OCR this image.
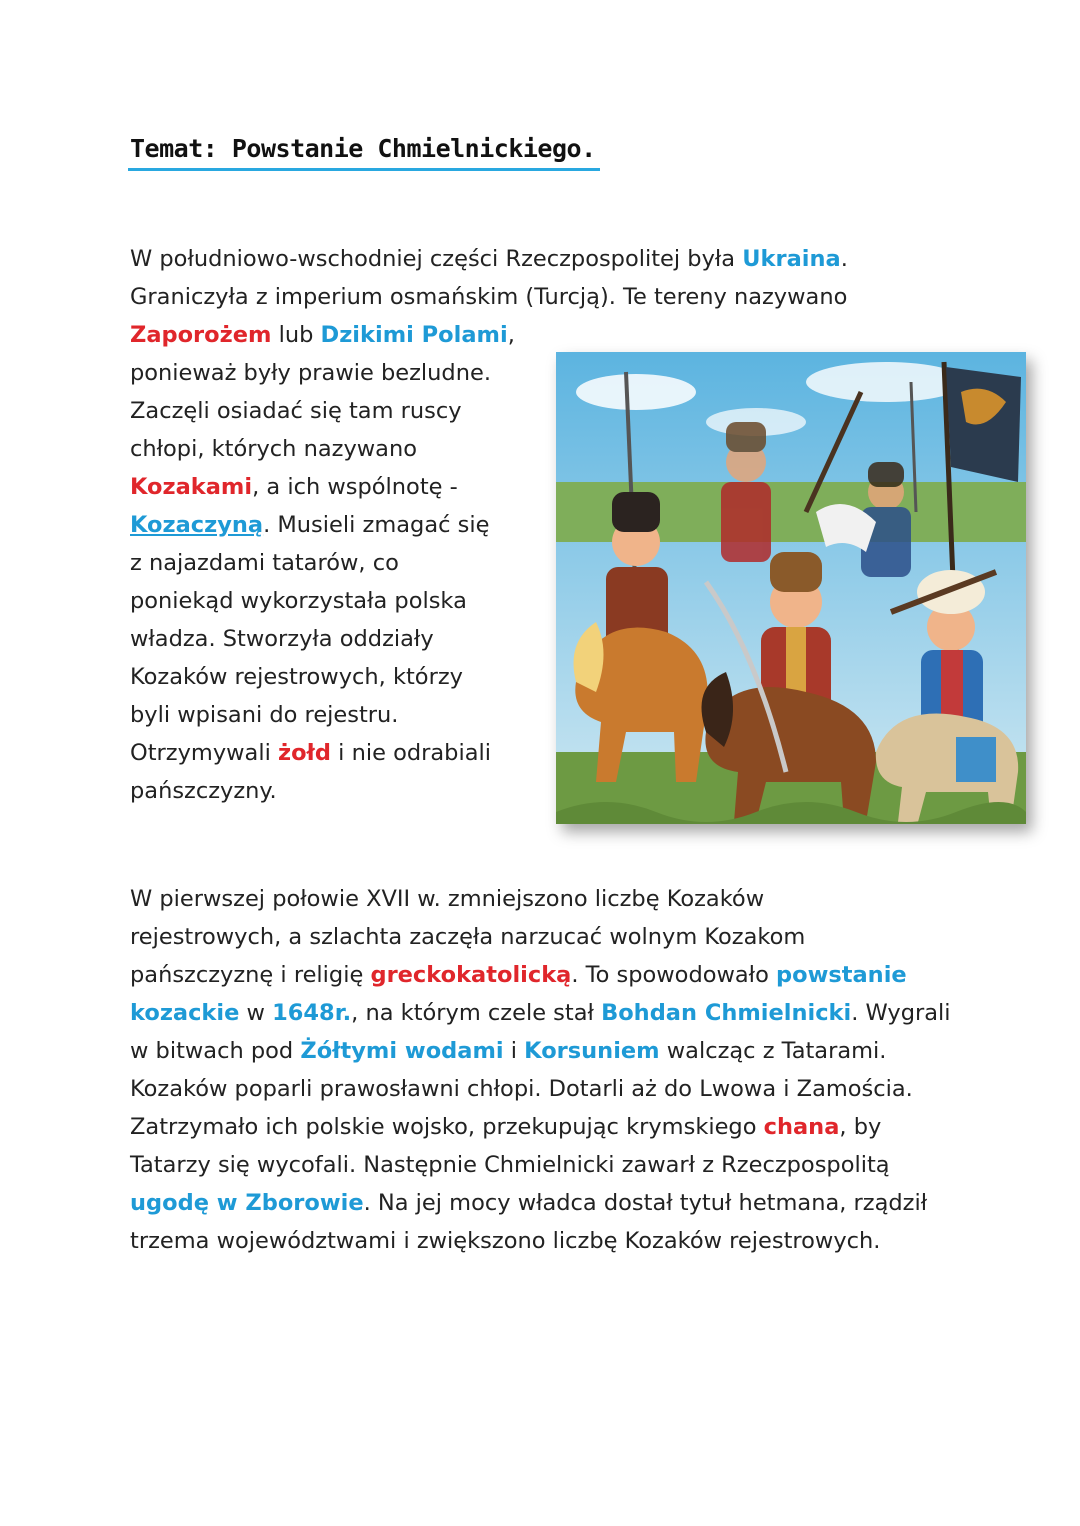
Temat: Powstanie Chmielnickiego.

W południowo-wschodniej części Rzeczpospolitej była Ukraina.
Graniczyła z imperium osmańskim (Turcją). Te tereny nazywano
Zaporożem lub Dzikimi Polami,

ponieważ były prawie bezludne.
Zaczęli osiadać się tam ruscy
chłopi, których nazywano
Kozakami, a ich wspólnotę -
Kozaczyną. Musieli zmagać się
z najazdami tatarów, co
poniekąd wykorzystała polska
władza. Stworzyła oddziały
Kozaków rejestrowych, którzy
byli wpisani do rejestru.
Otrzymywali żołd i nie odrabiali
pańszczyzny.

W pierwszej połowie XVII w. zmniejszono liczbę Kozaków
rejestrowych, a szlachta zaczęła narzucać wolnym Kozakom
pańszczyznę i religię greckokatolicką. To spowodowało powstanie
kozackie w 1648r., na którym czele stał Bohdan Chmielnicki. Wygrali
w bitwach pod Żółtymi wodami i Korsuniem walcząc z Tatarami.
Kozaków poparli prawosławni chłopi. Dotarli aż do Lwowa i Zamościa.
Zatrzymało ich polskie wojsko, przekupując krymskiego chana, by
Tatarzy się wycofali. Następnie Chmielnicki zawarł z Rzeczpospolitą
ugodę w Zborowie. Na jej mocy władca dostał tytuł hetmana, rządził
trzema województwami i zwiększono liczbę Kozaków rejestrowych.
